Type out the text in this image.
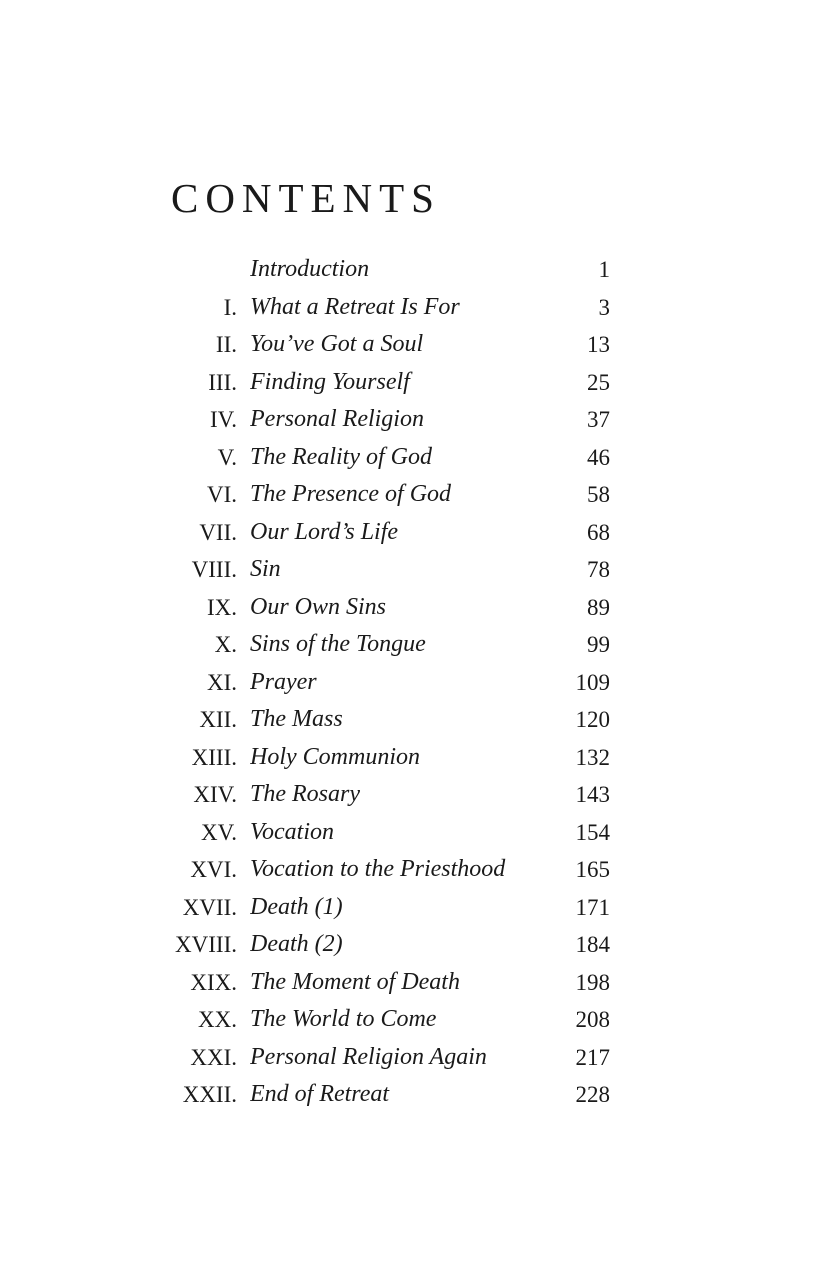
CONTENTS
Introduction	1
I. What a Retreat Is For	3
II. You’ve Got a Soul	13
III. Finding Yourself	25
IV. Personal Religion	37
V. The Reality of God	46
VI. The Presence of God	58
VII. Our Lord’s Life	68
VIII. Sin	78
IX. Our Own Sins	89
X. Sins of the Tongue	99
XI. Prayer	109
XII. The Mass	120
XIII. Holy Communion	132
XIV. The Rosary	143
XV. Vocation	154
XVI. Vocation to the Priesthood	165
XVII. Death (1)	171
XVIII. Death (2)	184
XIX. The Moment of Death	198
XX. The World to Come	208
XXI. Personal Religion Again	217
XXII. End of Retreat	228
